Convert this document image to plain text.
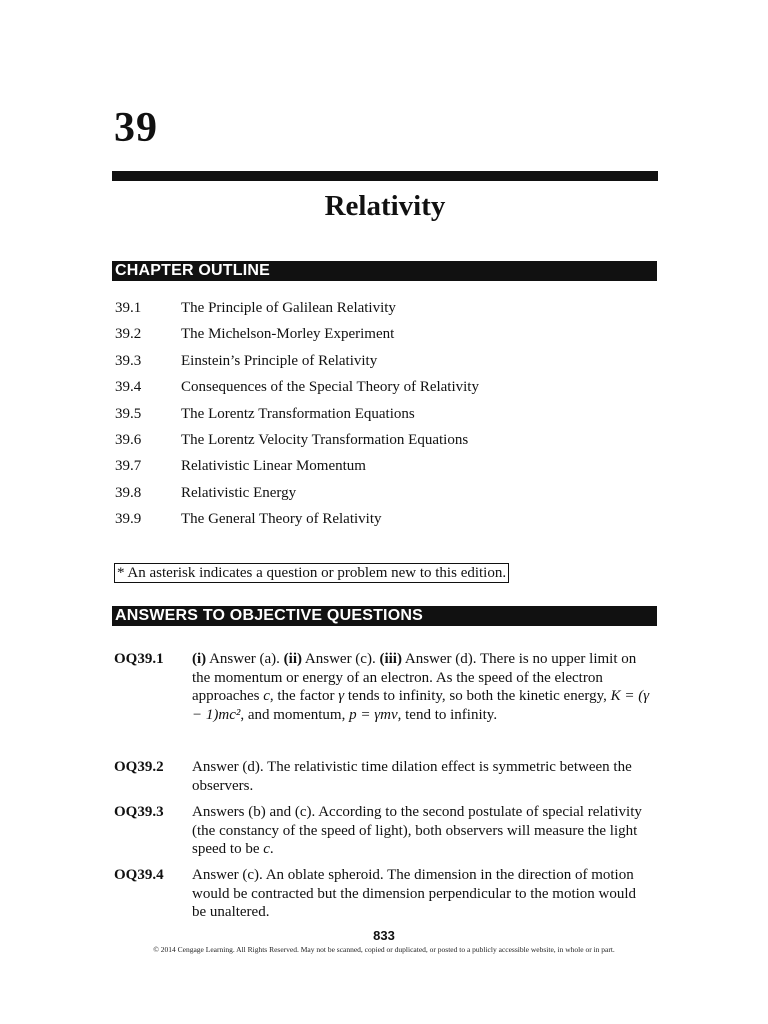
39
Relativity
CHAPTER OUTLINE
39.1	The Principle of Galilean Relativity
39.2	The Michelson-Morley Experiment
39.3	Einstein’s Principle of Relativity
39.4	Consequences of the Special Theory of Relativity
39.5	The Lorentz Transformation Equations
39.6	The Lorentz Velocity Transformation Equations
39.7	Relativistic Linear Momentum
39.8	Relativistic Energy
39.9	The General Theory of Relativity
* An asterisk indicates a question or problem new to this edition.
ANSWERS TO OBJECTIVE QUESTIONS
OQ39.1	(i) Answer (a). (ii) Answer (c). (iii) Answer (d). There is no upper limit on the momentum or energy of an electron. As the speed of the electron approaches c, the factor γ tends to infinity, so both the kinetic energy, K = (γ − 1)mc², and momentum, p = γmv, tend to infinity.
OQ39.2	Answer (d). The relativistic time dilation effect is symmetric between the observers.
OQ39.3	Answers (b) and (c). According to the second postulate of special relativity (the constancy of the speed of light), both observers will measure the light speed to be c.
OQ39.4	Answer (c). An oblate spheroid. The dimension in the direction of motion would be contracted but the dimension perpendicular to the motion would be unaltered.
833
© 2014 Cengage Learning. All Rights Reserved. May not be scanned, copied or duplicated, or posted to a publicly accessible website, in whole or in part.
